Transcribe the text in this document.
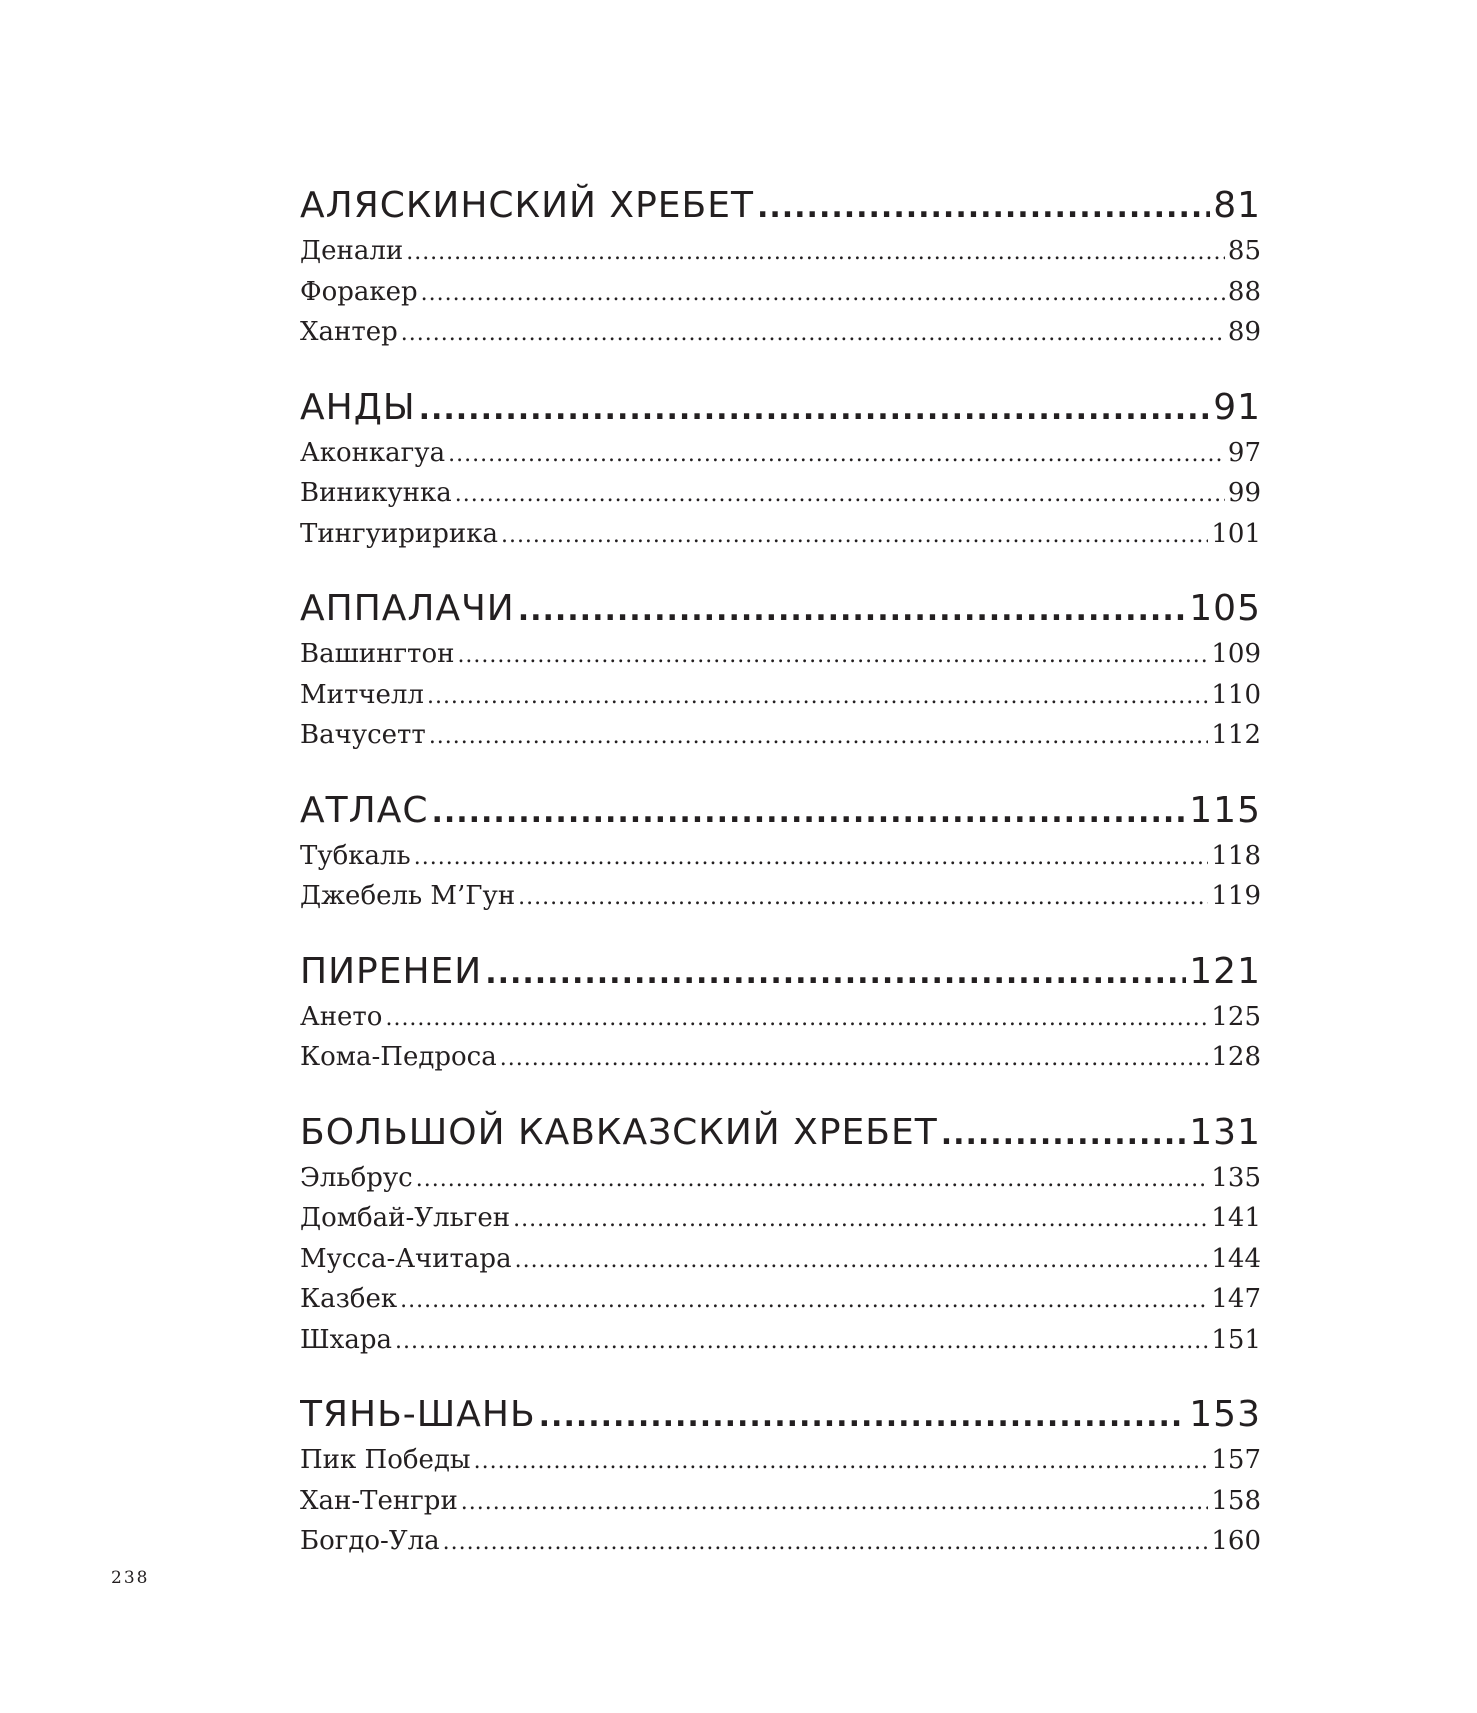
АЛЯСКИНСКИЙ ХРЕБЕТ .....	81
Денали .....	85
Форакер .....	88
Хантер .....	89
АНДЫ .....	91
Аконкагуа .....	97
Виникунка .....	99
Тингуиририка .....	101
АППАЛАЧИ .....	105
Вашингтон .....	109
Митчелл .....	110
Вачусетт .....	112
АТЛАС .....	115
Тубкаль .....	118
Джебель М’Гун .....	119
ПИРЕНЕИ .....	121
Ането .....	125
Кома-Педроса .....	128
БОЛЬШОЙ КАВКАЗСКИЙ ХРЕБЕТ .....	131
Эльбрус .....	135
Домбай-Ульген .....	141
Мусса-Ачитара .....	144
Казбек .....	147
Шхара .....	151
ТЯНЬ-ШАНЬ .....	153
Пик Победы .....	157
Хан-Тенгри .....	158
Богдо-Ула .....	160
238
